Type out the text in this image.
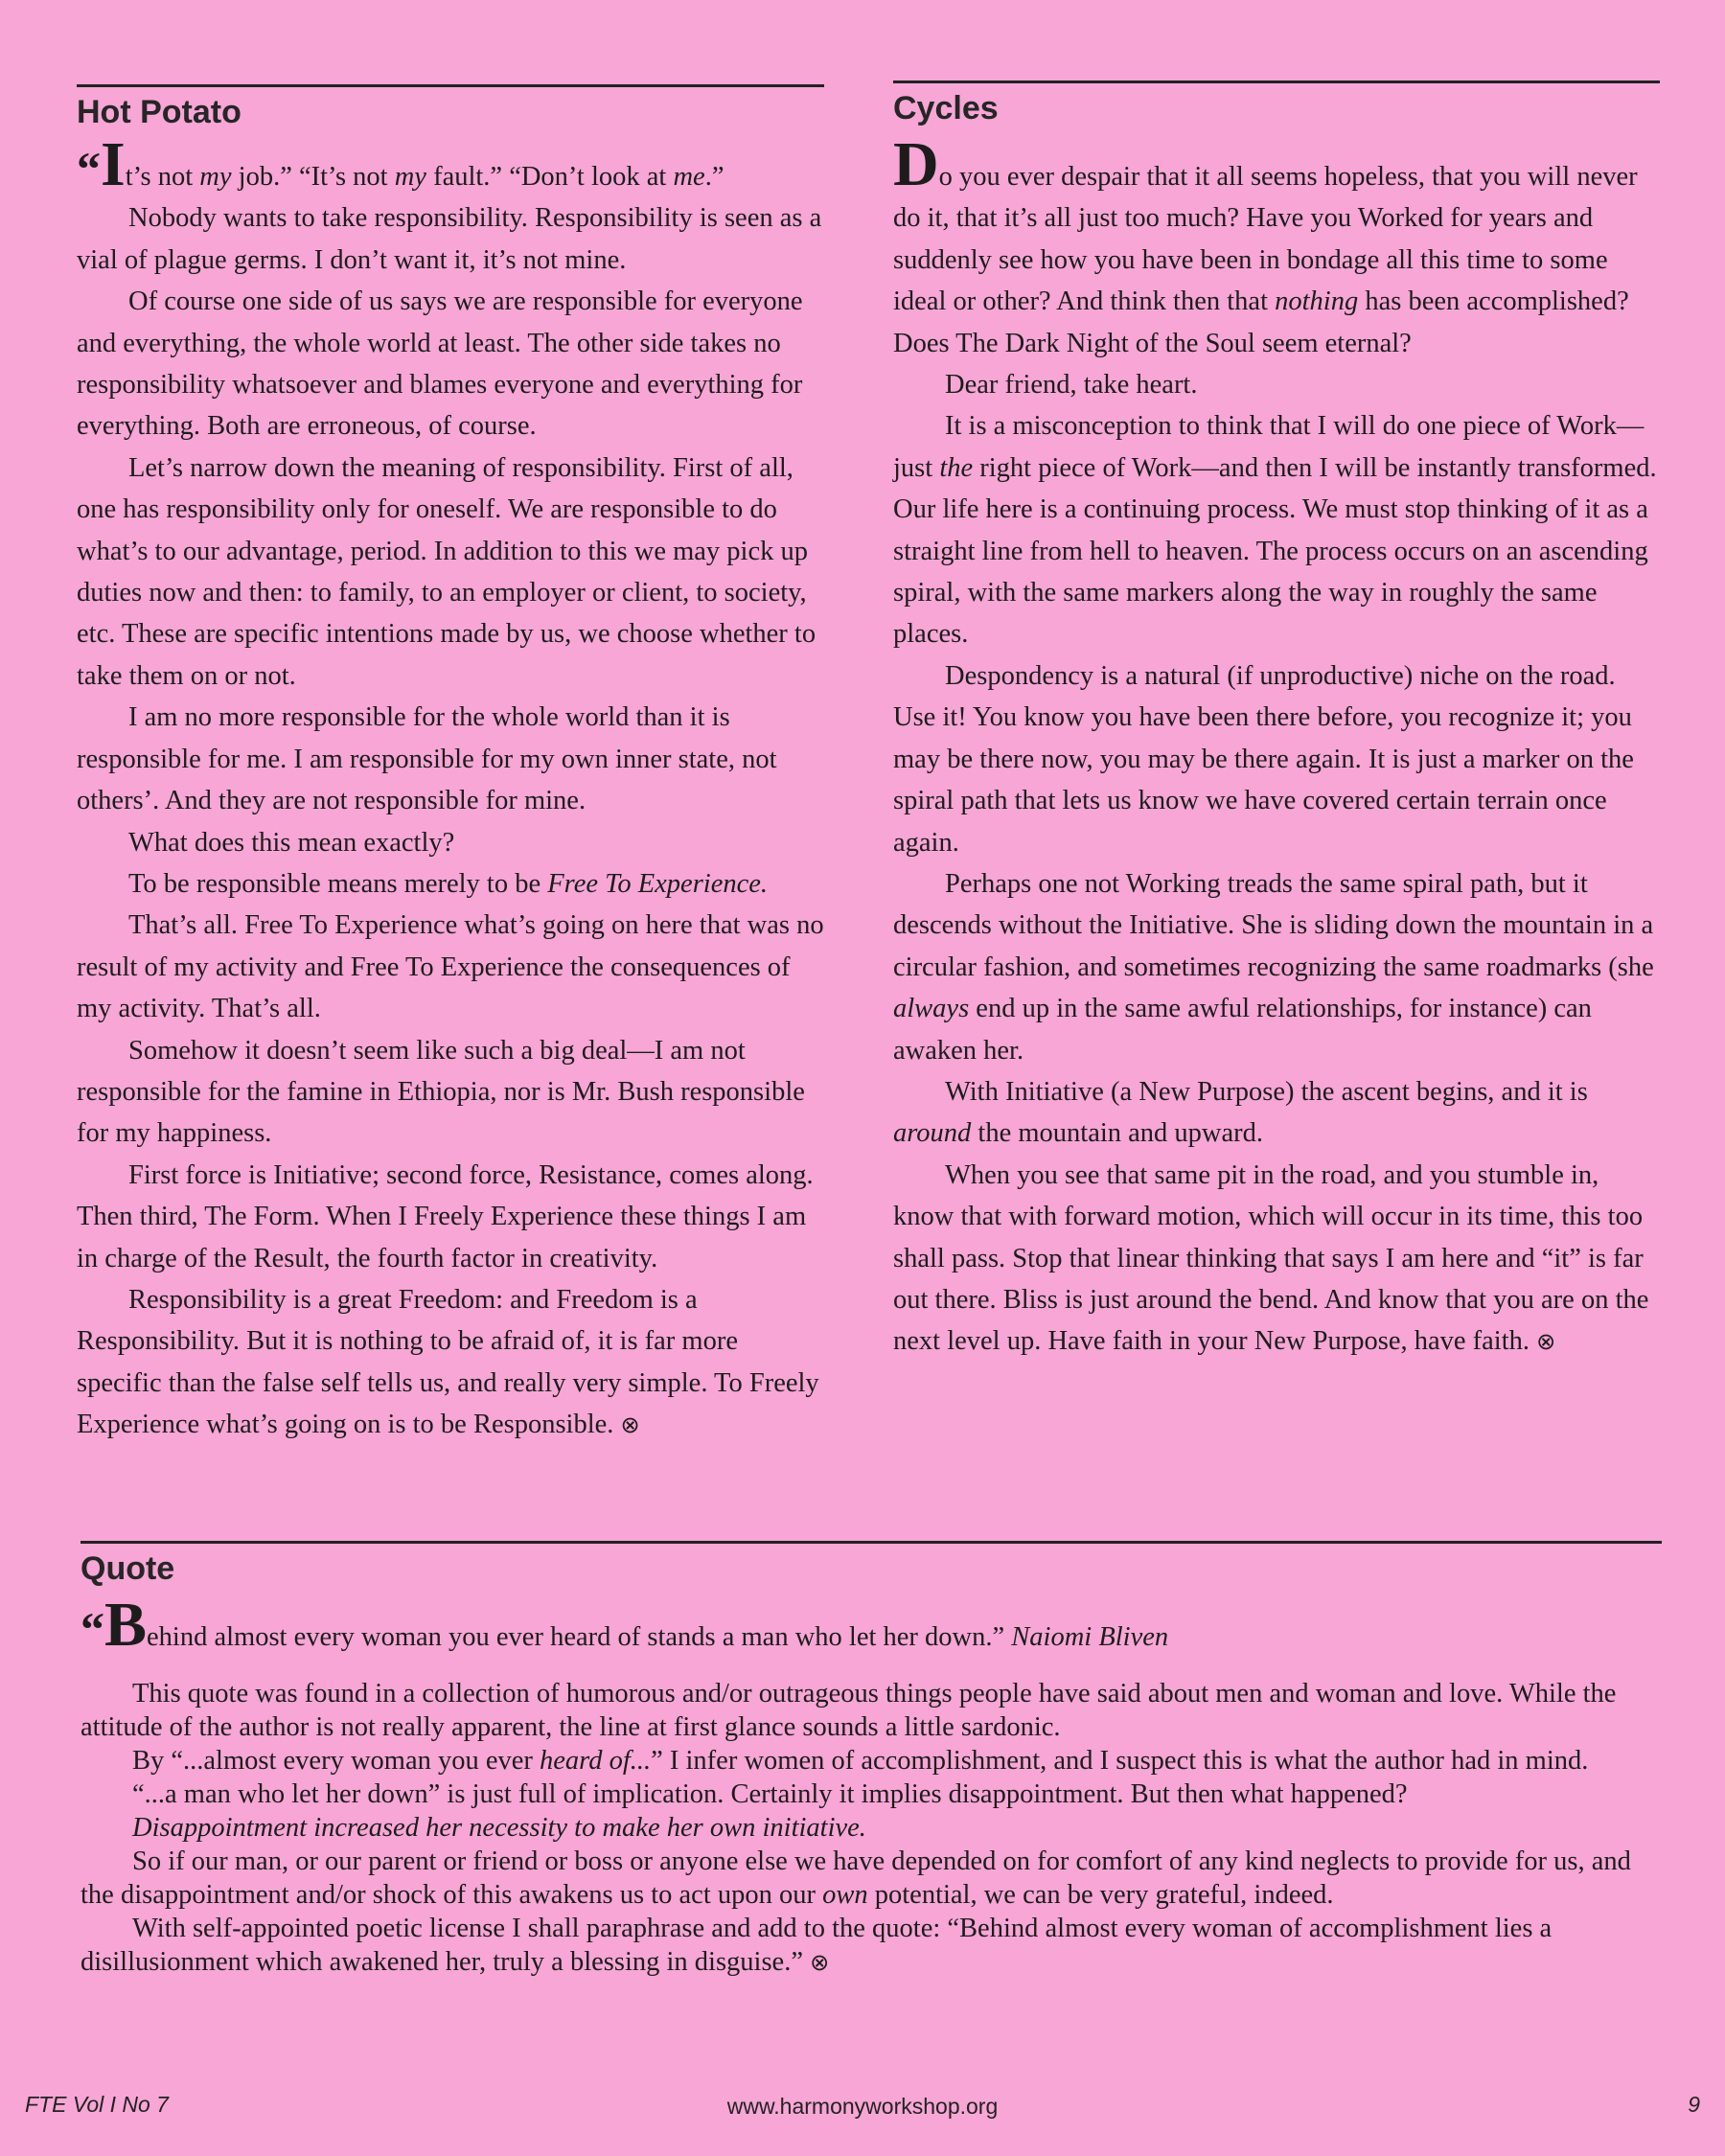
Hot Potato

“It’s not my job.” “It’s not my fault.” “Don’t look at me.”

Nobody wants to take responsibility. Responsibility is seen as a vial of plague germs. I don’t want it, it’s not mine.

Of course one side of us says we are responsible for everyone and everything, the whole world at least. The other side takes no responsibility whatsoever and blames everyone and everything for everything. Both are erroneous, of course.

Let’s narrow down the meaning of responsibility. First of all, one has responsibility only for oneself. We are responsible to do what’s to our advantage, period. In addition to this we may pick up duties now and then: to family, to an employer or client, to society, etc. These are specific intentions made by us, we choose whether to take them on or not.

I am no more responsible for the whole world than it is responsible for me. I am responsible for my own inner state, not others’. And they are not responsible for mine.

What does this mean exactly?

To be responsible means merely to be Free To Experience.

That’s all. Free To Experience what’s going on here that was no result of my activity and Free To Experience the consequences of my activity. That’s all.

Somehow it doesn’t seem like such a big deal—I am not responsible for the famine in Ethiopia, nor is Mr. Bush responsible for my happiness.

First force is Initiative; second force, Resistance, comes along. Then third, The Form. When I Freely Experience these things I am in charge of the Result, the fourth factor in creativity.

Responsibility is a great Freedom: and Freedom is a Responsibility. But it is nothing to be afraid of, it is far more specific than the false self tells us, and really very simple. To Freely Experience what’s going on is to be Responsible. ⊗

Cycles

Do you ever despair that it all seems hopeless, that you will never do it, that it’s all just too much? Have you Worked for years and suddenly see how you have been in bondage all this time to some ideal or other? And think then that nothing has been accomplished? Does The Dark Night of the Soul seem eternal?

Dear friend, take heart.

It is a misconception to think that I will do one piece of Work—just the right piece of Work—and then I will be instantly transformed. Our life here is a continuing process. We must stop thinking of it as a straight line from hell to heaven. The process occurs on an ascending spiral, with the same markers along the way in roughly the same places.

Despondency is a natural (if unproductive) niche on the road. Use it! You know you have been there before, you recognize it; you may be there now, you may be there again. It is just a marker on the spiral path that lets us know we have covered certain terrain once again.

Perhaps one not Working treads the same spiral path, but it descends without the Initiative. She is sliding down the mountain in a circular fashion, and sometimes recognizing the same roadmarks (she always end up in the same awful relationships, for instance) can awaken her.

With Initiative (a New Purpose) the ascent begins, and it is around the mountain and upward.

When you see that same pit in the road, and you stumble in, know that with forward motion, which will occur in its time, this too shall pass. Stop that linear thinking that says I am here and “it” is far out there. Bliss is just around the bend. And know that you are on the next level up. Have faith in your New Purpose, have faith. ⊗

Quote

“Behind almost every woman you ever heard of stands a man who let her down.” Naiomi Bliven

This quote was found in a collection of humorous and/or outrageous things people have said about men and woman and love. While the attitude of the author is not really apparent, the line at first glance sounds a little sardonic.

By “...almost every woman you ever heard of...” I infer women of accomplishment, and I suspect this is what the author had in mind.

“...a man who let her down” is just full of implication. Certainly it implies disappointment. But then what happened?

Disappointment increased her necessity to make her own initiative.

So if our man, or our parent or friend or boss or anyone else we have depended on for comfort of any kind neglects to provide for us, and the disappointment and/or shock of this awakens us to act upon our own potential, we can be very grateful, indeed.

With self-appointed poetic license I shall paraphrase and add to the quote: “Behind almost every woman of accomplishment lies a disillusionment which awakened her, truly a blessing in disguise.” ⊗

FTE Vol I No 7	www.harmonyworkshop.org	9
